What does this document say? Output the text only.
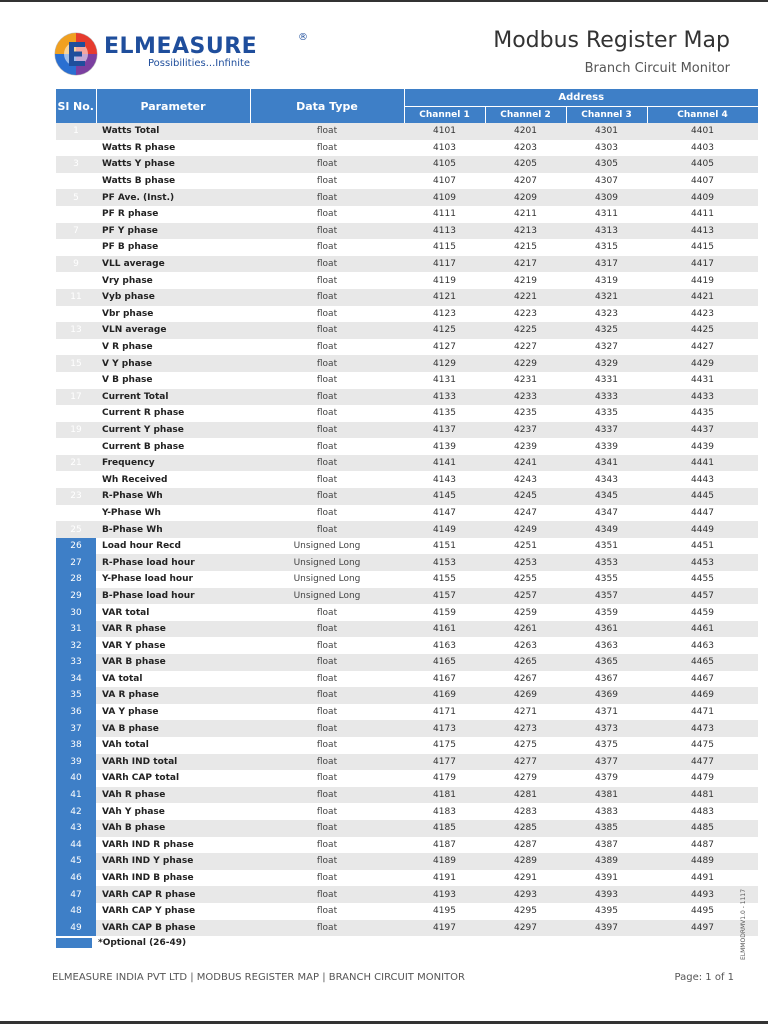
ELMEASURE	®
Possibilities...Infinite
Modbus Register Map
Branch Circuit Monitor
Sl No.	Parameter	Data Type	Address			
			Channel 1	Channel 2	Channel 3	Channel 4
1	Watts Total	float	4101	4201	4301	4401
2	Watts R phase	float	4103	4203	4303	4403
3	Watts Y phase	float	4105	4205	4305	4405
4	Watts B phase	float	4107	4207	4307	4407
5	PF Ave. (Inst.)	float	4109	4209	4309	4409
6	PF R phase	float	4111	4211	4311	4411
7	PF Y phase	float	4113	4213	4313	4413
8	PF B phase	float	4115	4215	4315	4415
9	VLL average	float	4117	4217	4317	4417
10	Vry phase	float	4119	4219	4319	4419
11	Vyb phase	float	4121	4221	4321	4421
12	Vbr phase	float	4123	4223	4323	4423
13	VLN average	float	4125	4225	4325	4425
14	V R phase	float	4127	4227	4327	4427
15	V Y phase	float	4129	4229	4329	4429
16	V B phase	float	4131	4231	4331	4431
17	Current Total	float	4133	4233	4333	4433
18	Current R phase	float	4135	4235	4335	4435
19	Current Y phase	float	4137	4237	4337	4437
20	Current B phase	float	4139	4239	4339	4439
21	Frequency	float	4141	4241	4341	4441
22	Wh Received	float	4143	4243	4343	4443
23	R-Phase Wh	float	4145	4245	4345	4445
24	Y-Phase Wh	float	4147	4247	4347	4447
25	B-Phase Wh	float	4149	4249	4349	4449
26	Load hour Recd	Unsigned Long	4151	4251	4351	4451
27	R-Phase load hour	Unsigned Long	4153	4253	4353	4453
28	Y-Phase load hour	Unsigned Long	4155	4255	4355	4455
29	B-Phase load hour	Unsigned Long	4157	4257	4357	4457
30	VAR total	float	4159	4259	4359	4459
31	VAR R phase	float	4161	4261	4361	4461
32	VAR Y phase	float	4163	4263	4363	4463
33	VAR B phase	float	4165	4265	4365	4465
34	VA total	float	4167	4267	4367	4467
35	VA R phase	float	4169	4269	4369	4469
36	VA Y phase	float	4171	4271	4371	4471
37	VA B phase	float	4173	4273	4373	4473
38	VAh total	float	4175	4275	4375	4475
39	VARh IND total	float	4177	4277	4377	4477
40	VARh CAP total	float	4179	4279	4379	4479
41	VAh R phase	float	4181	4281	4381	4481
42	VAh Y phase	float	4183	4283	4383	4483
43	VAh B phase	float	4185	4285	4385	4485
44	VARh IND R phase	float	4187	4287	4387	4487
45	VARh IND Y phase	float	4189	4289	4389	4489
46	VARh IND B phase	float	4191	4291	4391	4491
47	VARh CAP R phase	float	4193	4293	4393	4493
48	VARh CAP Y phase	float	4195	4295	4395	4495
49	VARh CAP B phase	float	4197	4297	4397	4497
*Optional (26-49)	ELMMODRMV1.0 - 1117
ELMEASURE INDIA PVT LTD | MODBUS REGISTER MAP | BRANCH CIRCUIT MONITOR	Page: 1 of 1
